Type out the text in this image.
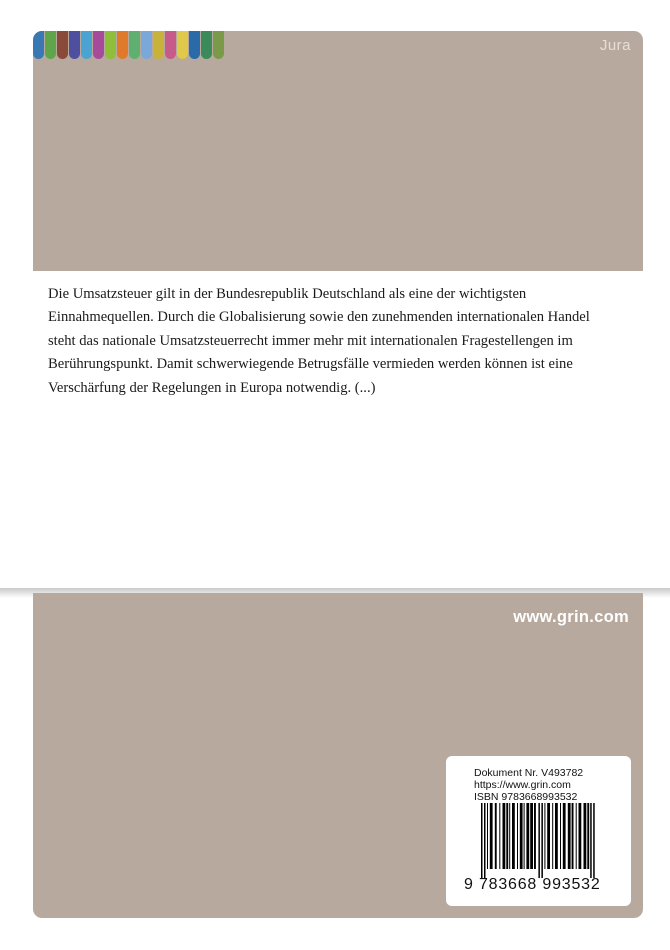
Jura
Die Umsatzsteuer gilt in der Bundesrepublik Deutschland als eine der wichtigsten Einnahmequellen. Durch die Globalisierung sowie den zunehmenden internationalen Handel steht das nationale Umsatzsteuerrecht immer mehr mit internationalen Fragestellengen im Berührungspunkt. Damit schwerwiegende Betrugsfälle vermieden werden können ist eine Verschärfung der Regelungen in Europa notwendig. (...)
www.grin.com
Dokument Nr. V493782
https://www.grin.com
ISBN 9783668993532
9 783668 993532
